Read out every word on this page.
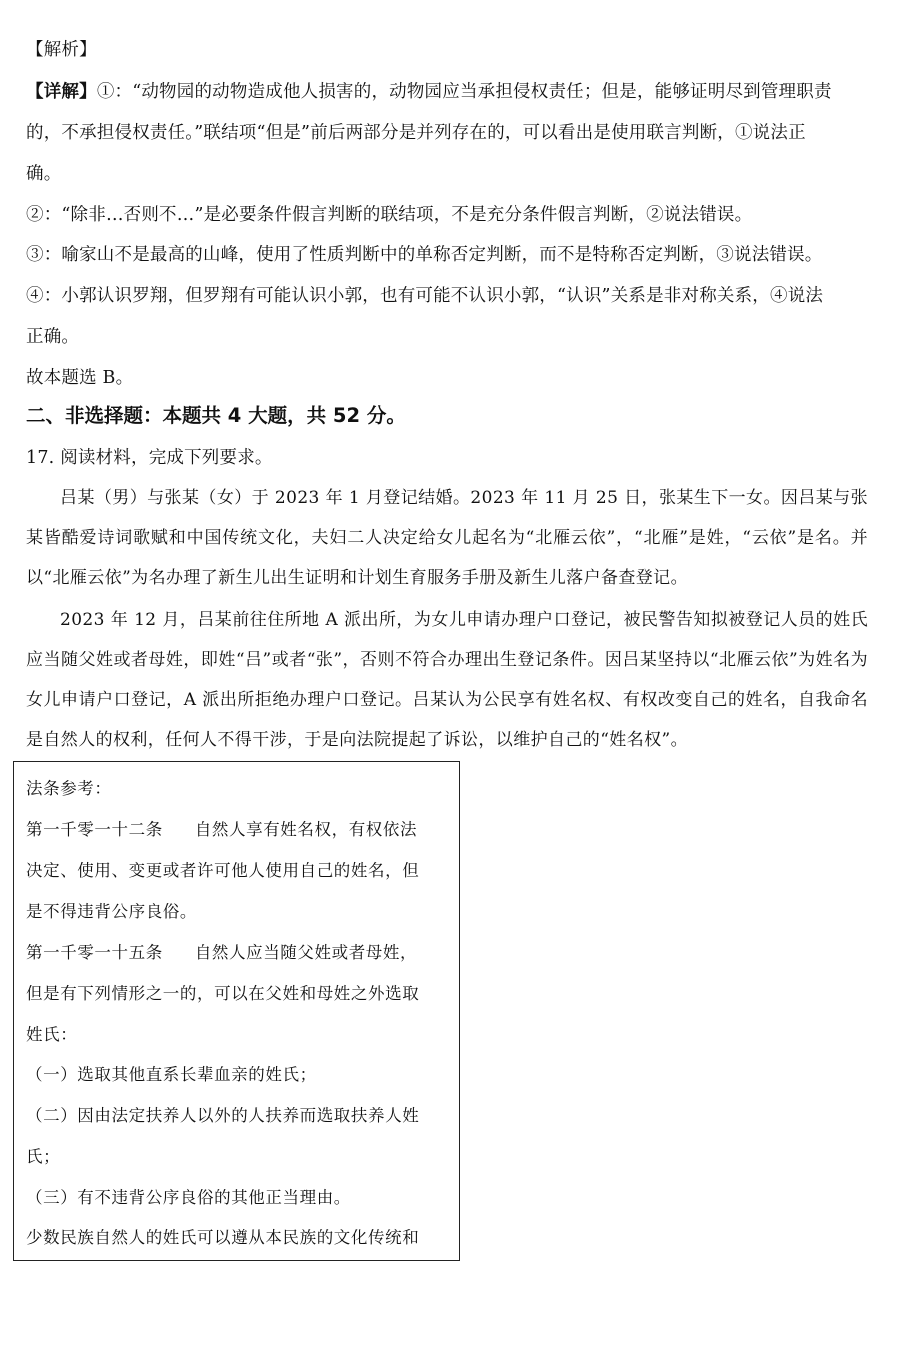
【解析】
【详解】①：“动物园的动物造成他人损害的，动物园应当承担侵权责任；但是，能够证明尽到管理职责
的，不承担侵权责任。”联结项“但是”前后两部分是并列存在的，可以看出是使用联言判断，①说法正
确。
②：“除非…否则不…”是必要条件假言判断的联结项，不是充分条件假言判断，②说法错误。
③：喻家山不是最高的山峰，使用了性质判断中的单称否定判断，而不是特称否定判断，③说法错误。
④：小郭认识罗翔，但罗翔有可能认识小郭，也有可能不认识小郭，“认识”关系是非对称关系，④说法
正确。
故本题选 B。
二、非选择题：本题共 4 大题，共 52 分。
17. 阅读材料，完成下列要求。
吕某（男）与张某（女）于 2023 年 1 月登记结婚。2023 年 11 月 25 日，张某生下一女。因吕某与张某皆酷爱诗词歌赋和中国传统文化，夫妇二人决定给女儿起名为“北雁云依”，“北雁”是姓，“云依”是名。并以“北雁云依”为名办理了新生儿出生证明和计划生育服务手册及新生儿落户备查登记。
2023 年 12 月，吕某前往住所地 A 派出所，为女儿申请办理户口登记，被民警告知拟被登记人员的姓氏应当随父姓或者母姓，即姓“吕”或者“张”，否则不符合办理出生登记条件。因吕某坚持以“北雁云依”为姓名为女儿申请户口登记，A 派出所拒绝办理户口登记。吕某认为公民享有姓名权、有权改变自己的姓名，自我命名是自然人的权利，任何人不得干涉，于是向法院提起了诉讼，以维护自己的“姓名权”。
法条参考：
第一千零一十二条 自然人享有姓名权，有权依法
决定、使用、变更或者许可他人使用自己的姓名，但
是不得违背公序良俗。
第一千零一十五条 自然人应当随父姓或者母姓，
但是有下列情形之一的，可以在父姓和母姓之外选取
姓氏：
（一）选取其他直系长辈血亲的姓氏；
（二）因由法定扶养人以外的人扶养而选取扶养人姓
氏；
（三）有不违背公序良俗的其他正当理由。
少数民族自然人的姓氏可以遵从本民族的文化传统和
